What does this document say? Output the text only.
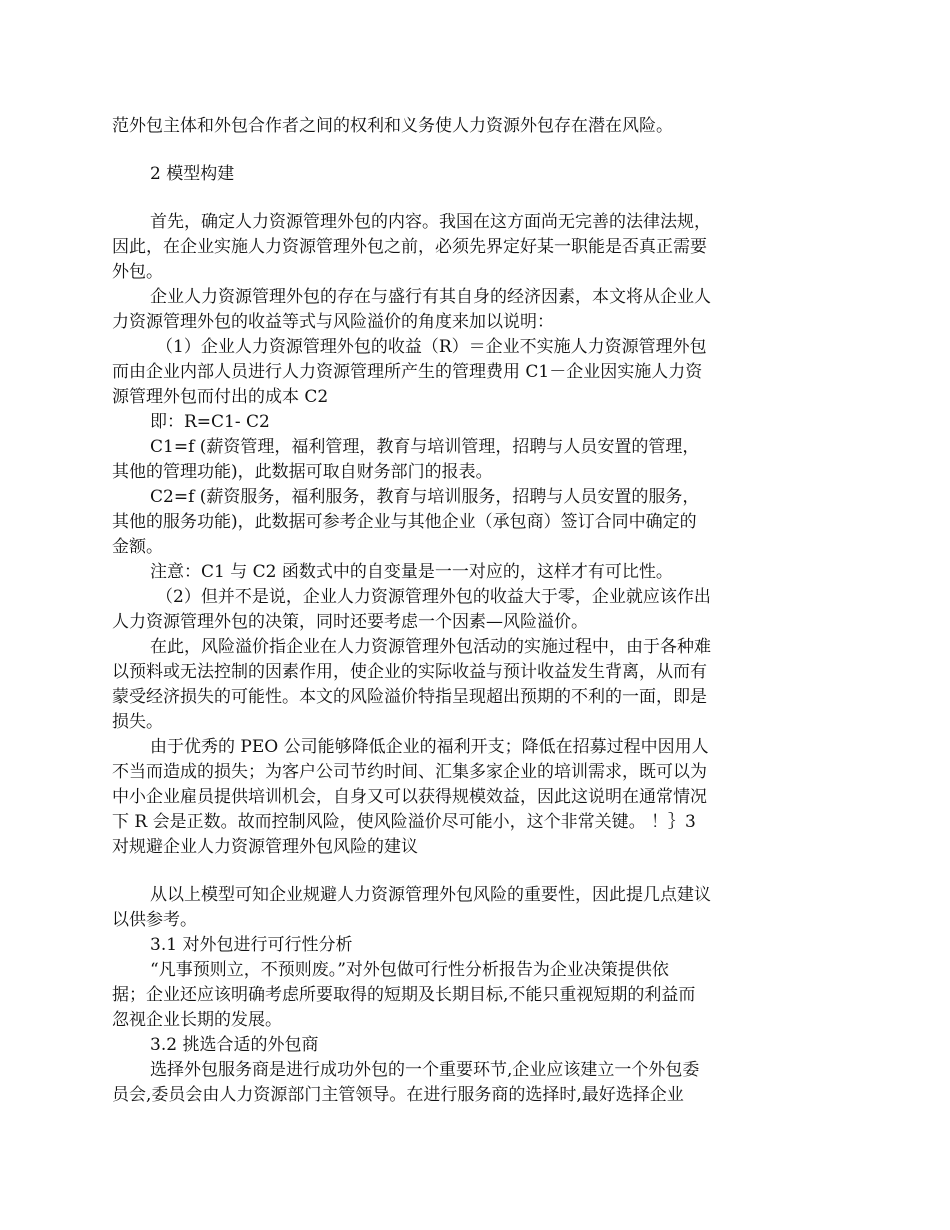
范外包主体和外包合作者之间的权利和义务使人力资源外包存在潜在风险。
2 模型构建
首先，确定人力资源管理外包的内容。我国在这方面尚无完善的法律法规，
因此，在企业实施人力资源管理外包之前，必须先界定好某一职能是否真正需要
外包。
企业人力资源管理外包的存在与盛行有其自身的经济因素，本文将从企业人
力资源管理外包的收益等式与风险溢价的角度来加以说明：
（1）企业人力资源管理外包的收益（R）＝企业不实施人力资源管理外包
而由企业内部人员进行人力资源管理所产生的管理费用 C1－企业因实施人力资
源管理外包而付出的成本 C2
即：R=C1- C2
C1=f (薪资管理，福利管理，教育与培训管理，招聘与人员安置的管理，
其他的管理功能)，此数据可取自财务部门的报表。
C2=f (薪资服务，福利服务，教育与培训服务，招聘与人员安置的服务，
其他的服务功能)，此数据可参考企业与其他企业（承包商）签订合同中确定的
金额。
注意：C1 与 C2 函数式中的自变量是一一对应的，这样才有可比性。
（2）但并不是说，企业人力资源管理外包的收益大于零，企业就应该作出
人力资源管理外包的决策，同时还要考虑一个因素—风险溢价。
在此，风险溢价指企业在人力资源管理外包活动的实施过程中，由于各种难
以预料或无法控制的因素作用，使企业的实际收益与预计收益发生背离，从而有
蒙受经济损失的可能性。本文的风险溢价特指呈现超出预期的不利的一面，即是
损失。
由于优秀的 PEO 公司能够降低企业的福利开支；降低在招募过程中因用人
不当而造成的损失；为客户公司节约时间、汇集多家企业的培训需求，既可以为
中小企业雇员提供培训机会，自身又可以获得规模效益，因此这说明在通常情况
下 R 会是正数。故而控制风险，使风险溢价尽可能小，这个非常关键。 ！｝3
对规避企业人力资源管理外包风险的建议
从以上模型可知企业规避人力资源管理外包风险的重要性，因此提几点建议
以供参考。
3.1 对外包进行可行性分析
“凡事预则立，不预则废。”对外包做可行性分析报告为企业决策提供依
据；企业还应该明确考虑所要取得的短期及长期目标,不能只重视短期的利益而
忽视企业长期的发展。
3.2 挑选合适的外包商
选择外包服务商是进行成功外包的一个重要环节,企业应该建立一个外包委
员会,委员会由人力资源部门主管领导。在进行服务商的选择时,最好选择企业
